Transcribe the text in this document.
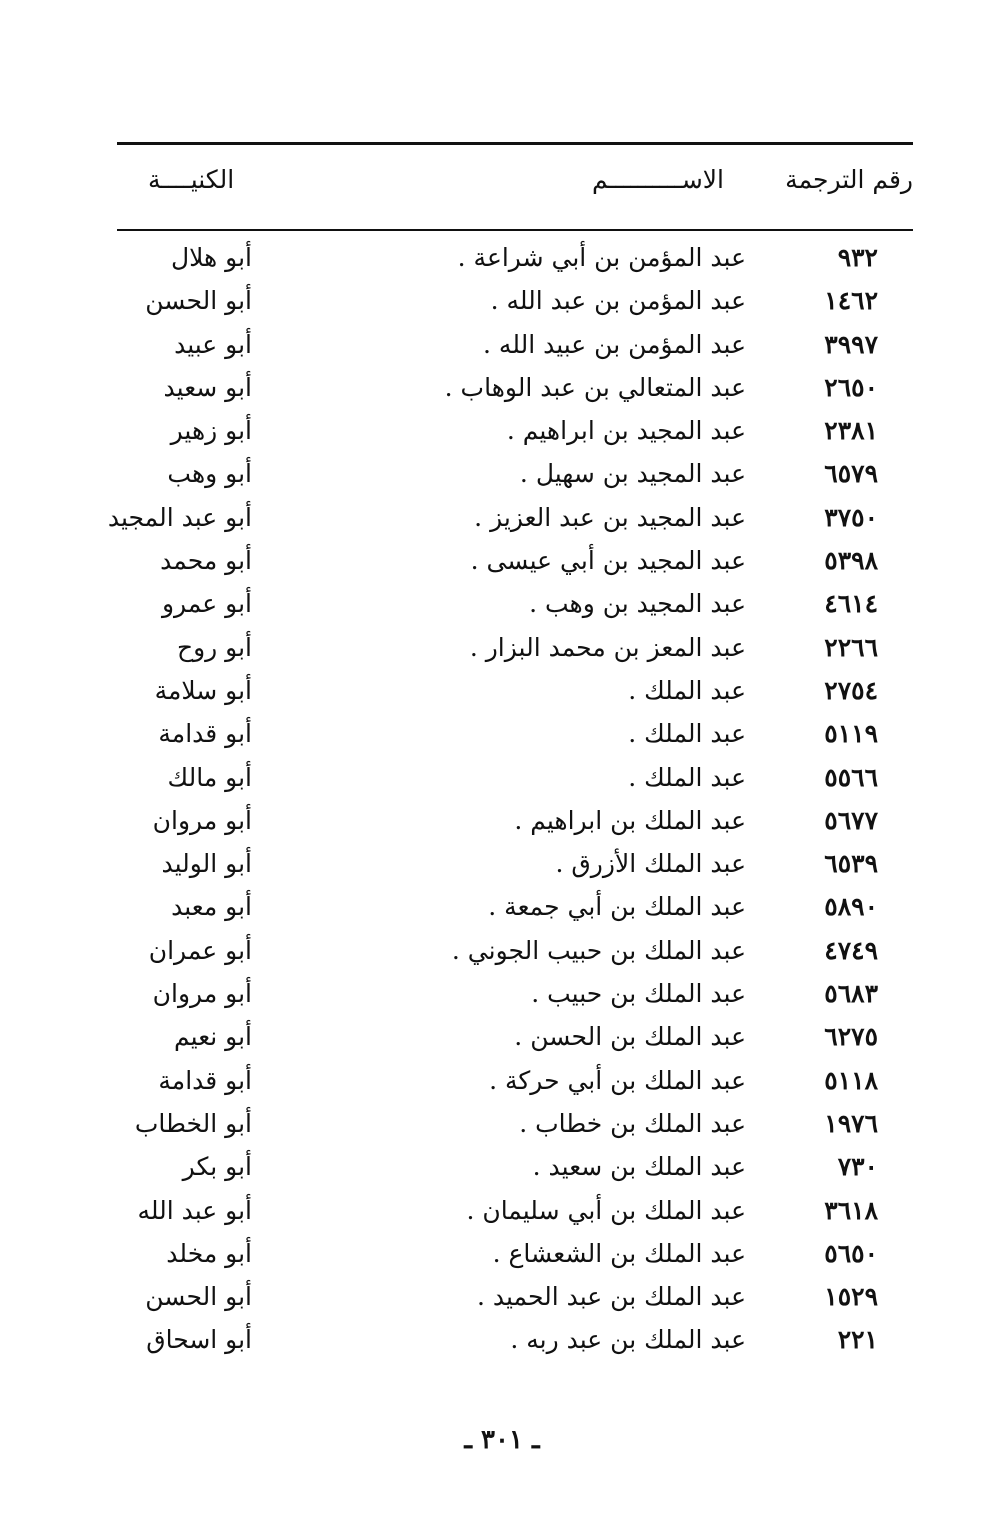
رقم الترجمة
الاســــــــــم
الكنيــــة
٩٣٢
عبد المؤمن بن أبي شراعة .
أبو هلال
١٤٦٢
عبد المؤمن بن عبد الله .
أبو الحسن
٣٩٩٧
عبد المؤمن بن عبيد الله .
أبو عبيد
٢٦٥٠
عبد المتعالي بن عبد الوهاب .
أبو سعيد
٢٣٨١
عبد المجيد بن ابراهيم .
أبو زهير
٦٥٧٩
عبد المجيد بن سهيل .
أبو وهب
٣٧٥٠
عبد المجيد بن عبد العزيز .
أبو عبد المجيد
٥٣٩٨
عبد المجيد بن أبي عيسى .
أبو محمد
٤٦١٤
عبد المجيد بن وهب .
أبو عمرو
٢٢٦٦
عبد المعز بن محمد البزار .
أبو روح
٢٧٥٤
عبد الملك .
أبو سلامة
٥١١٩
عبد الملك .
أبو قدامة
٥٥٦٦
عبد الملك .
أبو مالك
٥٦٧٧
عبد الملك بن ابراهيم .
أبو مروان
٦٥٣٩
عبد الملك الأزرق .
أبو الوليد
٥٨٩٠
عبد الملك بن أبي جمعة .
أبو معبد
٤٧٤٩
عبد الملك بن حبيب الجوني .
أبو عمران
٥٦٨٣
عبد الملك بن حبيب .
أبو مروان
٦٢٧٥
عبد الملك بن الحسن .
أبو نعيم
٥١١٨
عبد الملك بن أبي حركة .
أبو قدامة
١٩٧٦
عبد الملك بن خطاب .
أبو الخطاب
٧٣٠
عبد الملك بن سعيد .
أبو بكر
٣٦١٨
عبد الملك بن أبي سليمان .
أبو عبد الله
٥٦٥٠
عبد الملك بن الشعشاع .
أبو مخلد
١٥٢٩
عبد الملك بن عبد الحميد .
أبو الحسن
٢٢١
عبد الملك بن عبد ربه .
أبو اسحاق
ـ ٣٠١ ـ
